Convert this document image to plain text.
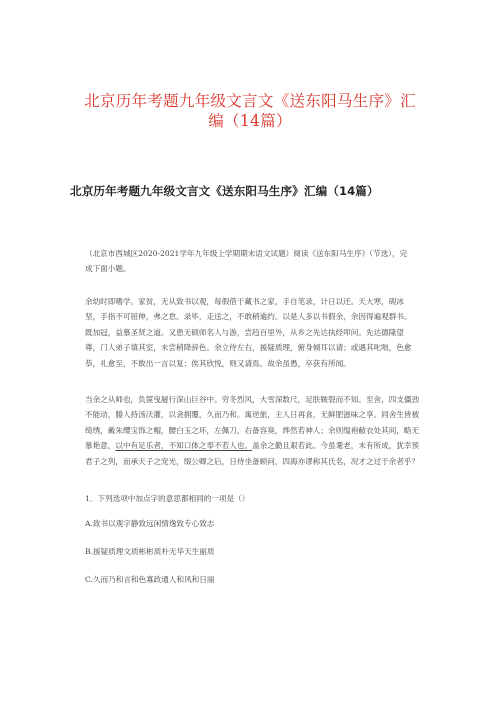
北京历年考题九年级文言文《送东阳马生序》汇
编（14篇）
北京历年考题九年级文言文《送东阳马生序》汇编（14篇）
（北京市西城区2020-2021学年九年级上学期期末语文试题）阅读《送东阳马生序》（节选），完
成下面小题。
余幼时即嗜学。家贫，无从致书以观，每假借于藏书之家，手自笔录，计日以还。天大寒，砚冰
坚，手指不可屈伸，弗之怠。录毕，走送之，不敢稍逾约。以是人多以书假余，余因得遍观群书。
既加冠，益慕圣贤之道。又患无硕师名人与游，尝趋百里外，从乡之先达执经叩问。先达德隆望
尊，门人弟子填其室，未尝稍降辞色。余立侍左右，援疑质理，俯身倾耳以请；或遇其叱咄，色愈
恭，礼愈至，不敢出一言以复；俟其欣悦，则又请焉。故余虽愚，卒获有所闻。
当余之从师也，负箧曳屣行深山巨谷中。穷冬烈风，大雪深数尺，足肤皲裂而不知。至舍，四支僵劲
不能动，媵人持汤沃灌，以衾拥覆，久而乃和。寓逆旅，主人日再食，无鲜肥滋味之享。同舍生皆被
绮绣，戴朱缨宝饰之帽，腰白玉之环，左佩刀，右备容臭，烨然若神人；余则缊袍敝衣处其间，略无
慕艳意，以中有足乐者，不知口体之奉不若人也。盖余之勤且艰若此。今虽耄老，未有所成，犹幸预
君子之列，而承天子之宠光，缀公卿之后，日侍坐备顾问，四海亦谬称其氏名，况才之过于余者乎？
1．下列选项中加点字的意思都相同的一项是（）
A.致书以观字静致远闲情逸致专心致志
B.援疑质理文质彬彬质朴无华天生丽质
C.久而乃和言和色寡政通人和风和日丽
